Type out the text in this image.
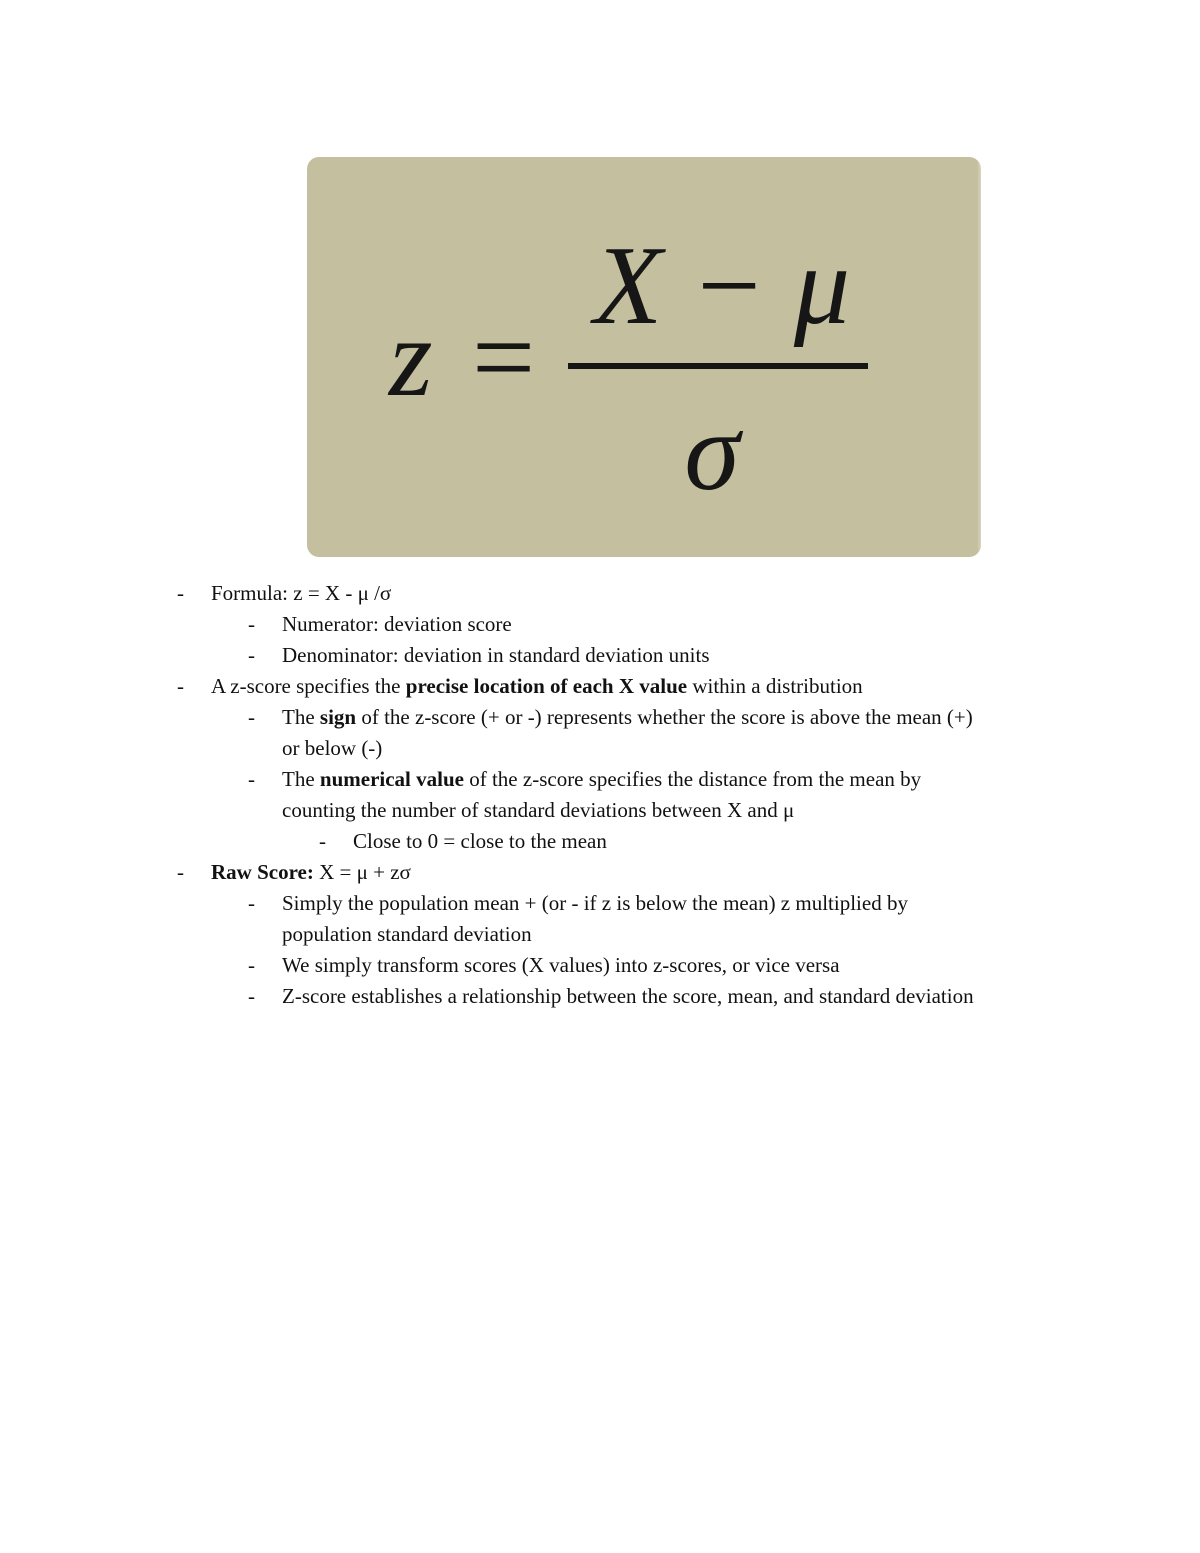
z =
X − μ
σ
- Formula: z = X - μ /σ
- Numerator: deviation score
- Denominator: deviation in standard deviation units
- A z-score specifies the precise location of each X value within a distribution
- The sign of the z-score (+ or -) represents whether the score is above the mean (+)
or below (-)
- The numerical value of the z-score specifies the distance from the mean by
counting the number of standard deviations between X and μ
- Close to 0 = close to the mean
- Raw Score: X = μ + zσ
- Simply the population mean + (or - if z is below the mean) z multiplied by
population standard deviation
- We simply transform scores (X values) into z-scores, or vice versa
- Z-score establishes a relationship between the score, mean, and standard deviation
